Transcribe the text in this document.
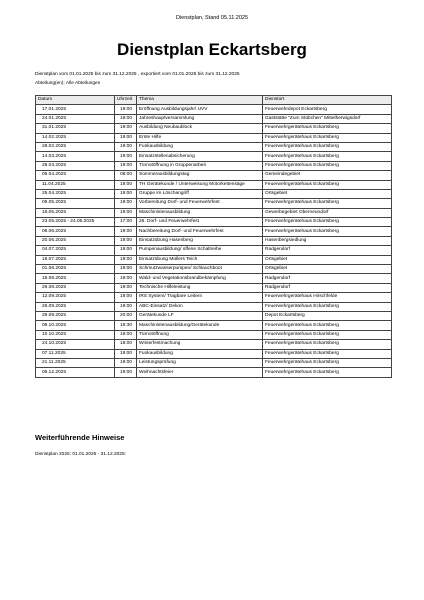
Dienstplan, Stand 05.11.2025
Dienstplan Eckartsberg
Dienstplan vom 01.01.2025 bis zum 31.12.2025 , exportiert vom 01.01.2025 bis zum 31.12.2025
Abteilung(en): Alle Abteilungen
Datum	Uhrzeit	Thema	Dienstort
17.01.2025	19:00	Eröffnung Ausbildungsjahr/ UVV	Feuerwehrdepot Eckartsberg
24.01.2025	19:00	Jahreshauptversammlung	Gaststätte "Zum Stübchen" Mittelherwigsdorf
31.01.2025	19:00	Ausbildung Neubaublock	Feuerwehrgerätehaus Eckartsberg
14.02.2025	19:00	Erste Hilfe	Feuerwehrgerätehaus Eckartsberg
28.02.2025	19:00	Funkausbildung	Feuerwehrgerätehaus Eckartsberg
14.03.2025	19:00	Einsatzstellenabsicherung	Feuerwehrgerätehaus Eckartsberg
28.03.2025	19:00	Türnotöffnung in Gruppenarbeit	Feuerwehrgerätehaus Eckartsberg
05.04.2025	08:00	Sommerausbildungstag	Gemeindegebiet
11.04.2025	19:00	TH Gerätekunde / Unterweisung Motorkettensäge	Feuerwehrgerätehaus Eckartsberg
25.04.2025	19:00	Gruppe im Löschangriff	Ortsgebiet
09.05.2025	19:00	Vorbereitung Dorf- und Feuerwehrfest	Feuerwehrgerätehaus Eckartsberg
16.05.2025	19:00	Maschinistenausbildung	Gewerbegebiet Oberneundorf
23.05.2025 - 24.05.2025	17:00	26. Dorf- und Feuerwehrfest	Feuerwehrgerätehaus Eckartsberg
06.06.2025	19:00	Nachbereitung Dorf- und Feuerwehrfest	Feuerwehrgerätehaus Eckartsberg
20.06.2025	19:00	Einsatzübung Hasenberg	Hasenbergsiedlung
04.07.2025	19:00	Pumpenausbildung/ offene Schaltreihe	Radgendorf
18.07.2025	19:00	Einsatzübung Müllers Teich	Ortsgebiet
01.08.2025	19:00	Schmutzwasserpumpen/ Schlauchboot	Ortsgebiet
15.08.2025	19:00	Wald- und Vegetationsbrandbekämpfung	Radgendorf
29.08.2025	19:00	Technische Hilfeleistung	Radgendorf
12.09.2025	19:00	IRS System/ Tragbare Leitern	Feuerwehrgerätehaus Hirschfelde
26.09.2025	19:00	ABC-Einsatz/ Dekon	Feuerwehrgerätehaus Eckartsberg
29.09.2025	20:00	Gerätekunde LF	Depot Eckartsberg
06.10.2025	18:30	Maschinistenausbildung/Gerätekunde	Feuerwehrgerätehaus Eckartsberg
10.10.2025	19:00	Türnotöffnung	Feuerwehrgerätehaus Eckartsberg
24.10.2025	18:00	Winterfestmachung	Feuerwehrgerätehaus Eckartsberg
07.11.2025	19:00	Funkausbildung	Feuerwehrgerätehaus Eckartsberg
21.11.2025	19:00	Leistungsprüfung	Feuerwehrgerätehaus Eckartsberg
06.12.2025	19:00	Weihnachtsfeier	Feuerwehrgerätehaus Eckartsberg
Weiterführende Hinweise
Dienstplan 2025: 01.01.2025 - 31.12.2025:
